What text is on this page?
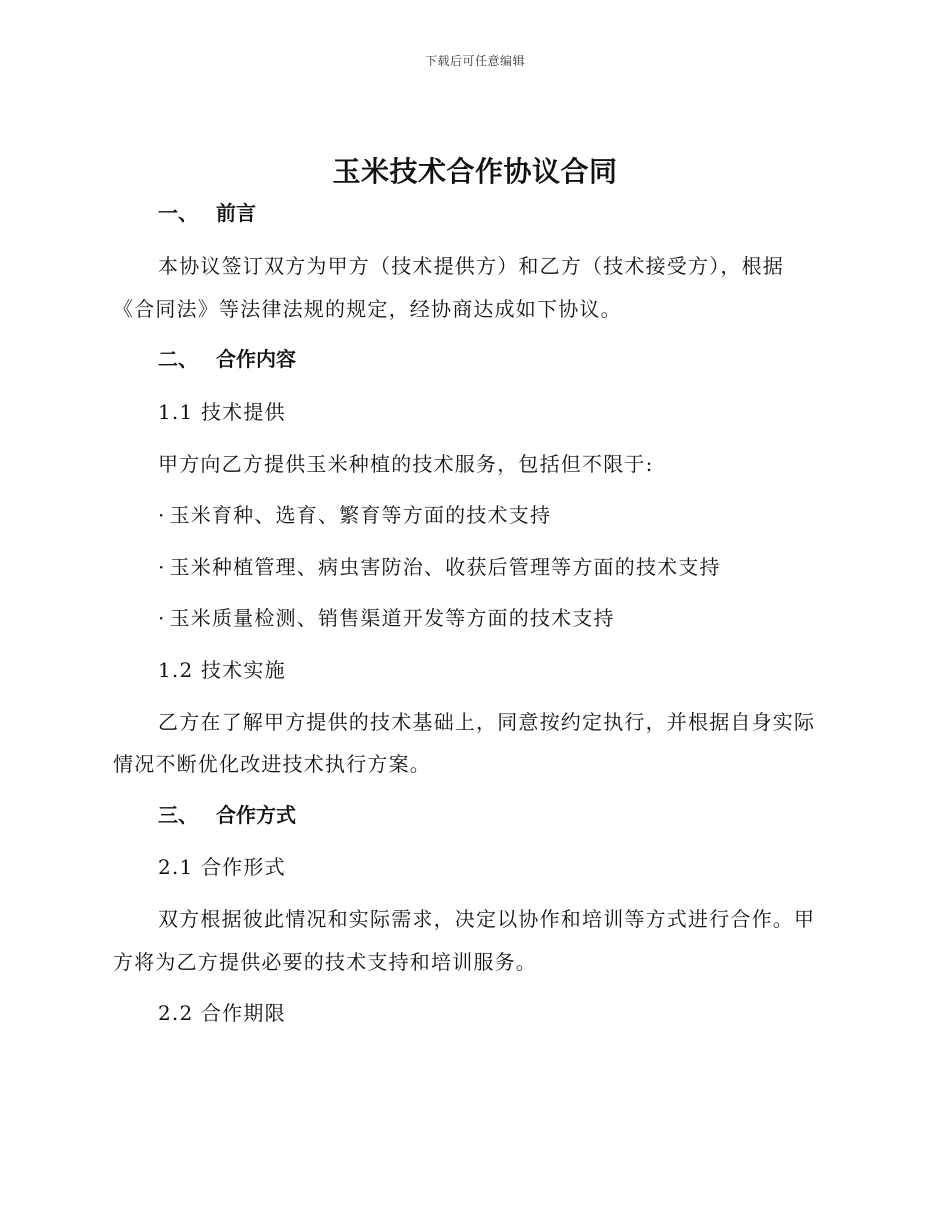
下载后可任意编辑
玉米技术合作协议合同
一、 前言
本协议签订双方为甲方（技术提供方）和乙方（技术接受方），根据
《合同法》等法律法规的规定，经协商达成如下协议。
二、 合作内容
1.1 技术提供
甲方向乙方提供玉米种植的技术服务，包括但不限于:
· 玉米育种、选育、繁育等方面的技术支持
· 玉米种植管理、病虫害防治、收获后管理等方面的技术支持
· 玉米质量检测、销售渠道开发等方面的技术支持
1.2 技术实施
乙方在了解甲方提供的技术基础上，同意按约定执行，并根据自身实际
情况不断优化改进技术执行方案。
三、 合作方式
2.1 合作形式
双方根据彼此情况和实际需求，决定以协作和培训等方式进行合作。甲
方将为乙方提供必要的技术支持和培训服务。
2.2 合作期限
